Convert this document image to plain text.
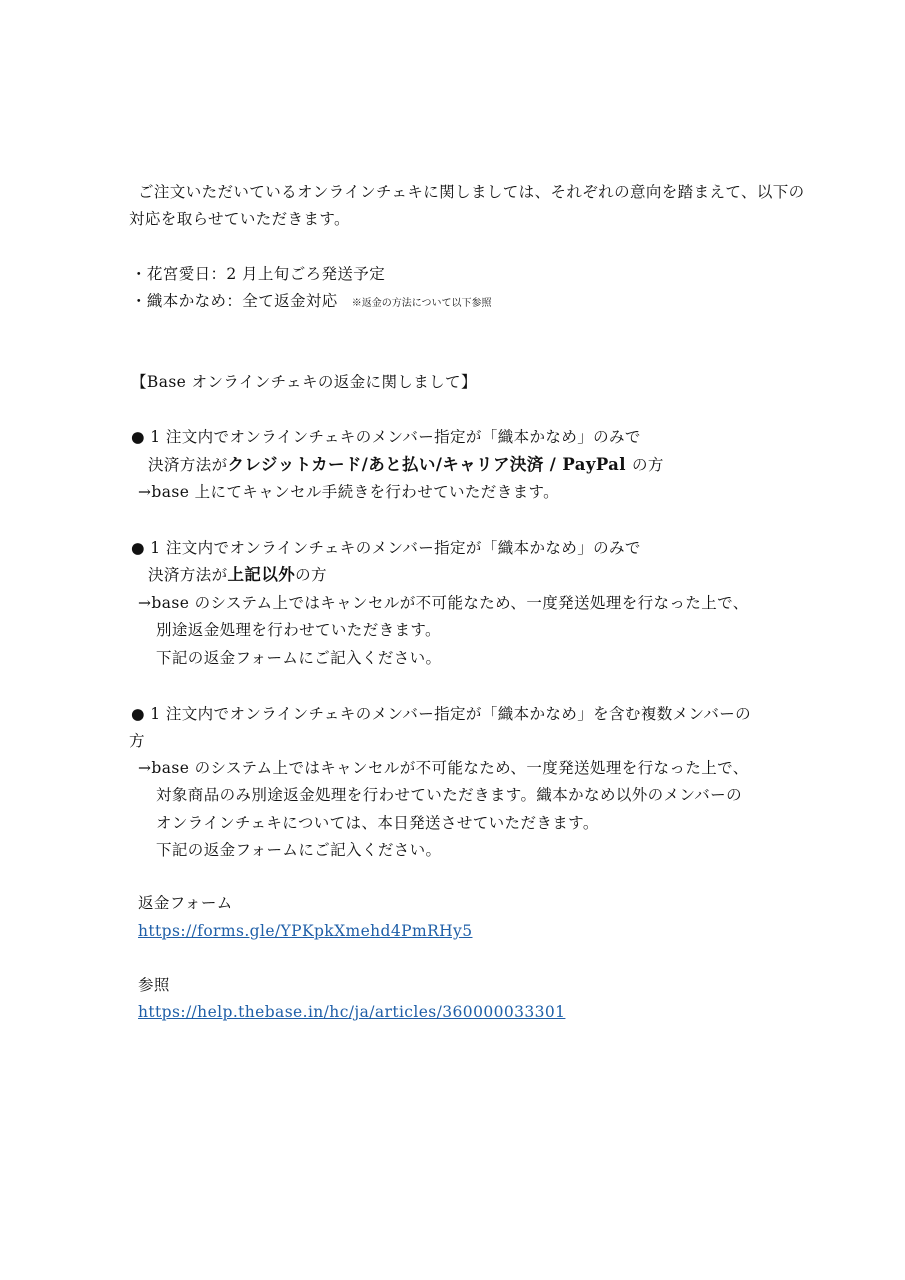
ご注文いただいているオンラインチェキに関しましては、それぞれの意向を踏まえて、以下の
対応を取らせていただきます。
・花宮愛日：2 月上旬ごろ発送予定
・織本かなめ：全て返金対応 ※返金の方法について以下参照
【Base オンラインチェキの返金に関しまして】
● 1 注文内でオンラインチェキのメンバー指定が「織本かなめ」のみで
決済方法がクレジットカード/あと払い/キャリア決済 / PayPal の方
→base 上にてキャンセル手続きを行わせていただきます。
● 1 注文内でオンラインチェキのメンバー指定が「織本かなめ」のみで
決済方法が上記以外の方
→base のシステム上ではキャンセルが不可能なため、一度発送処理を行なった上で、
別途返金処理を行わせていただきます。
下記の返金フォームにご記入ください。
● 1 注文内でオンラインチェキのメンバー指定が「織本かなめ」を含む複数メンバーの
方
→base のシステム上ではキャンセルが不可能なため、一度発送処理を行なった上で、
対象商品のみ別途返金処理を行わせていただきます。織本かなめ以外のメンバーの
オンラインチェキについては、本日発送させていただきます。
下記の返金フォームにご記入ください。
返金フォーム
https://forms.gle/YPKpkXmehd4PmRHy5
参照
https://help.thebase.in/hc/ja/articles/360000033301
